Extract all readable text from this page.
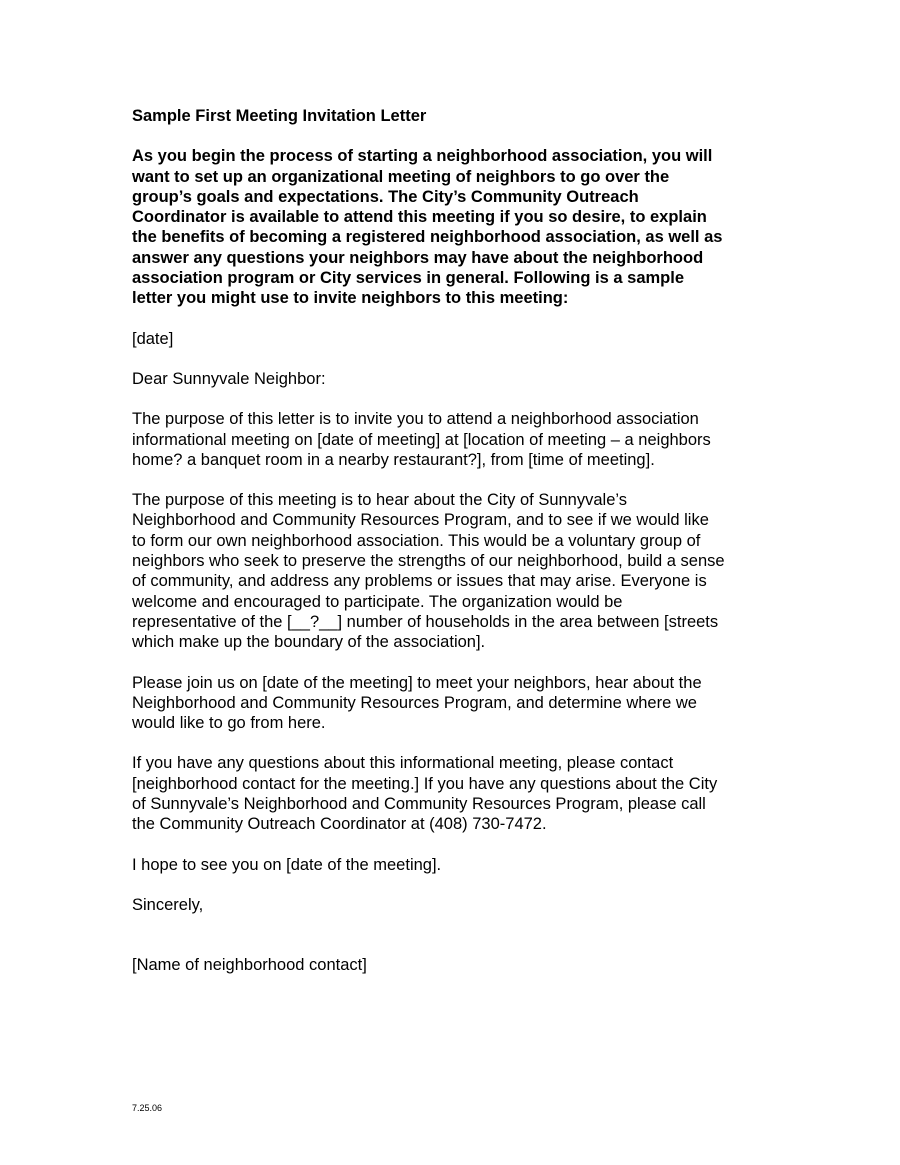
Sample First Meeting Invitation Letter
As you begin the process of starting a neighborhood association, you will
want to set up an organizational meeting of neighbors to go over the
group’s goals and expectations. The City’s Community Outreach
Coordinator is available to attend this meeting if you so desire, to explain
the benefits of becoming a registered neighborhood association, as well as
answer any questions your neighbors may have about the neighborhood
association program or City services in general. Following is a sample
letter you might use to invite neighbors to this meeting:
[date]
Dear Sunnyvale Neighbor:
The purpose of this letter is to invite you to attend a neighborhood association
informational meeting on [date of meeting] at [location of meeting – a neighbors
home? a banquet room in a nearby restaurant?], from [time of meeting].
The purpose of this meeting is to hear about the City of Sunnyvale’s
Neighborhood and Community Resources Program, and to see if we would like
to form our own neighborhood association. This would be a voluntary group of
neighbors who seek to preserve the strengths of our neighborhood, build a sense
of community, and address any problems or issues that may arise. Everyone is
welcome and encouraged to participate. The organization would be
representative of the [__?__] number of households in the area between [streets
which make up the boundary of the association].
Please join us on [date of the meeting] to meet your neighbors, hear about the
Neighborhood and Community Resources Program, and determine where we
would like to go from here.
If you have any questions about this informational meeting, please contact
[neighborhood contact for the meeting.] If you have any questions about the City
of Sunnyvale’s Neighborhood and Community Resources Program, please call
the Community Outreach Coordinator at (408) 730-7472.
I hope to see you on [date of the meeting].
Sincerely,
[Name of neighborhood contact]
7.25.06
